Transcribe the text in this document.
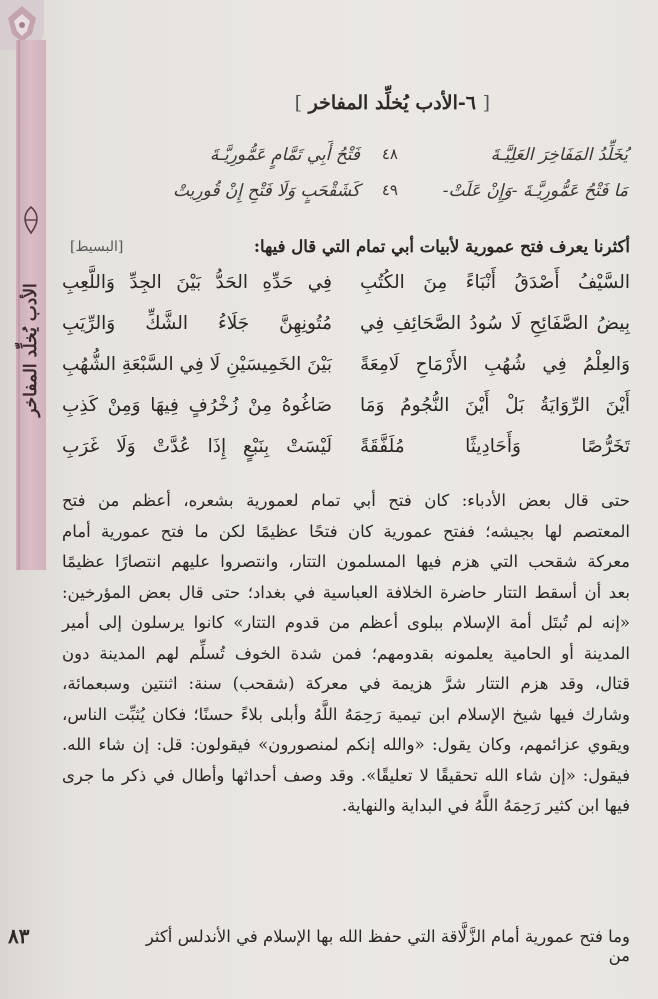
الأدب يُخلِّد المفاخر
[ ٦-الأدب يُخلِّد المفاخر ]
يُخَلِّدُ المَفَاخِرَ العَلِيَّـةَ
٤٨
فَتْحُ أَبِي تَمَّامٍ عَمُّورِيَّـةَ
مَا فَتْحُ عَمُّورِيَّـةَ -وَإِنْ عَلَتْ-
٤٩
كَشَقْحَبٍ وَلَا فَتْحِ إِنْ قُورِيتْ
أكثرنا يعرف فتح عمورية لأبيات أبي تمام التي قال فيها:
[البسيط]
السَّيْفُ أَصْدَقُ أَنْبَاءً مِنَ الكُتُبِ
فِي حَدِّهِ الحَدُّ بَيْنَ الجِدِّ وَاللَّعِبِ
بِيضُ الصَّفَائِحِ لَا سُودُ الصَّحَائِفِ فِي
مُتُونِهِنَّ جَلَاءُ الشَّكِّ وَالرِّيَبِ
وَالعِلْمُ فِي شُهُبِ الأَرْمَاحِ لَامِعَةً
بَيْنَ الخَمِيسَيْنِ لَا فِي السَّبْعَةِ الشُّهُبِ
أَيْنَ الرِّوَايَةُ بَلْ أَيْنَ النُّجُومُ وَمَا
صَاغُوهُ مِنْ زُخْرُفٍ فِيهَا وَمِنْ كَذِبِ
تَخَرُّصًا وَأَحَادِيثًا مُلَفَّقَةً
لَيْسَتْ بِنَبْعٍ إِذَا عُدَّتْ وَلَا غَرَبِ
حتى قال بعض الأدباء: كان فتح أبي تمام لعمورية بشعره، أعظم من فتح
المعتصم لها بجيشه؛ ففتح عمورية كان فتحًا عظيمًا لكن ما فتح عمورية أمام
معركة شقحب التي هزم فيها المسلمون التتار، وانتصروا عليهم انتصارًا عظيمًا
بعد أن أسقط التتار حاضرة الخلافة العباسية في بغداد؛ حتى قال بعض المؤرخين:
«إنه لم تُبتَل أمة الإسلام ببلوى أعظم من قدوم التتار» كانوا يرسلون إلى أمير
المدينة أو الحامية يعلمونه بقدومهم؛ فمن شدة الخوف تُسلِّم لهم المدينة دون
قتال، وقد هزم التتار شرَّ هزيمة في معركة (شقحب) سنة: اثنتين وسبعمائة،
وشارك فيها شيخ الإسلام ابن تيمية رَحِمَهُ اللَّهُ وأبلى بلاءً حسنًا؛ فكان يُثبِّت الناس،
ويقوي عزائمهم، وكان يقول: «والله إنكم لمنصورون» فيقولون: قل: إن شاء الله.
فيقول: «إن شاء الله تحقيقًا لا تعليقًا». وقد وصف أحداثها وأطال في ذكر ما جرى
فيها ابن كثير رَحِمَهُ اللَّهُ في البداية والنهاية.
وما فتح عمورية أمام الزَّلَّاقة التي حفظ الله بها الإسلام في الأندلس أكثر من
٨٣
